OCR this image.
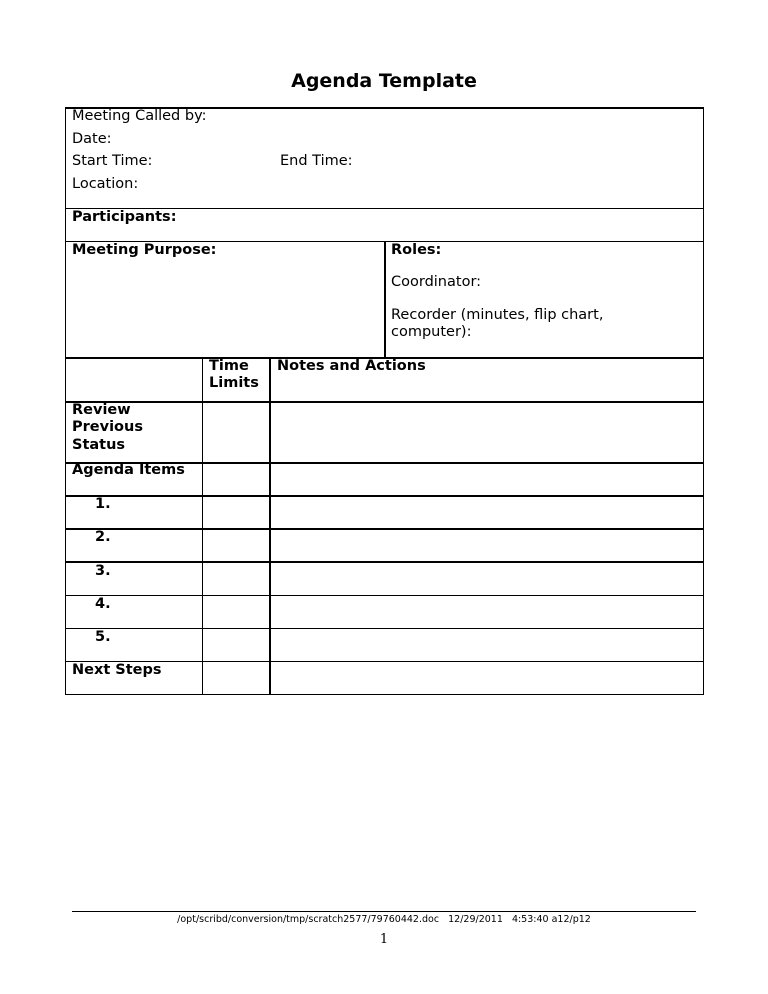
Agenda Template
Meeting Called by:
Date:
Start Time:	End Time:
Location:
Participants:
Meeting Purpose:	Roles:
Coordinator:
Recorder (minutes, flip chart,
computer):
Time
Limits
Notes and Actions
Review
Previous
Status
Agenda Items
1.
2.
3.
4.
5.
Next Steps
/opt/scribd/conversion/tmp/scratch2577/79760442.doc   12/29/2011   4:53:40 a12/p12
1
